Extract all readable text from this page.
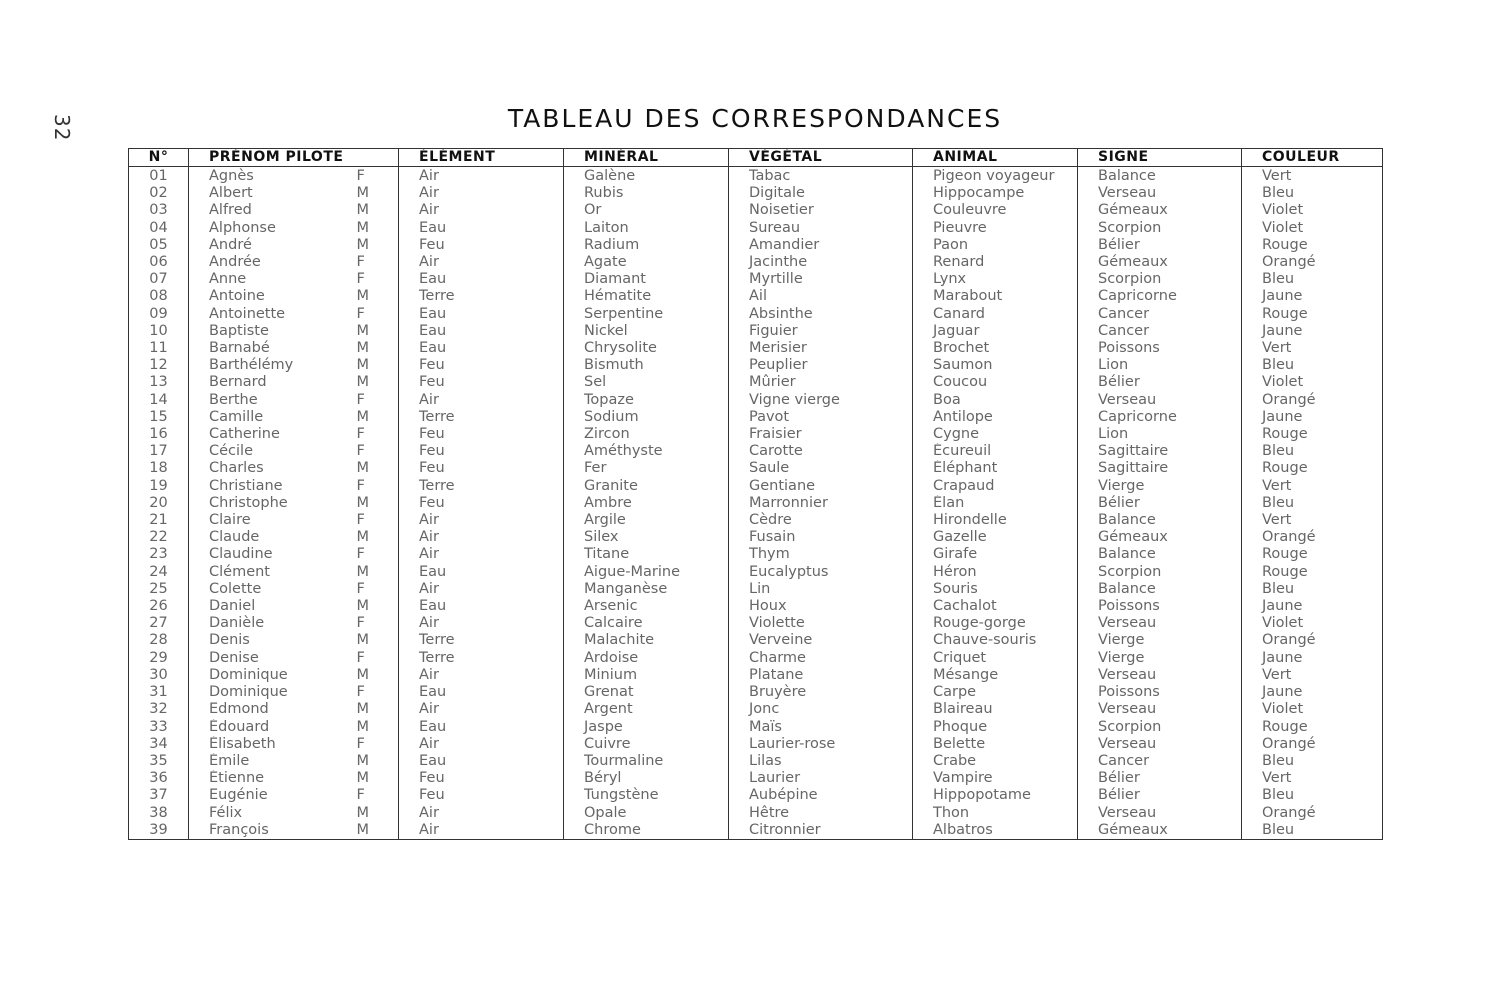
32	TABLEAU DES CORRESPONDANCES
N°	PRÉNOM PILOTE		ÉLÉMENT	MINÉRAL	VÉGÉTAL	ANIMAL	SIGNE	COULEUR
01	Agnès	F	Air	Galène	Tabac	Pigeon voyageur	Balance	Vert
02	Albert	M	Air	Rubis	Digitale	Hippocampe	Verseau	Bleu
03	Alfred	M	Air	Or	Noisetier	Couleuvre	Gémeaux	Violet
04	Alphonse	M	Eau	Laiton	Sureau	Pieuvre	Scorpion	Violet
05	André	M	Feu	Radium	Amandier	Paon	Bélier	Rouge
06	Andrée	F	Air	Agate	Jacinthe	Renard	Gémeaux	Orangé
07	Anne	F	Eau	Diamant	Myrtille	Lynx	Scorpion	Bleu
08	Antoine	M	Terre	Hématite	Ail	Marabout	Capricorne	Jaune
09	Antoinette	F	Eau	Serpentine	Absinthe	Canard	Cancer	Rouge
10	Baptiste	M	Eau	Nickel	Figuier	Jaguar	Cancer	Jaune
11	Barnabé	M	Eau	Chrysolite	Merisier	Brochet	Poissons	Vert
12	Barthélémy	M	Feu	Bismuth	Peuplier	Saumon	Lion	Bleu
13	Bernard	M	Feu	Sel	Mûrier	Coucou	Bélier	Violet
14	Berthe	F	Air	Topaze	Vigne vierge	Boa	Verseau	Orangé
15	Camille	M	Terre	Sodium	Pavot	Antilope	Capricorne	Jaune
16	Catherine	F	Feu	Zircon	Fraisier	Cygne	Lion	Rouge
17	Cécile	F	Feu	Améthyste	Carotte	Écureuil	Sagittaire	Bleu
18	Charles	M	Feu	Fer	Saule	Éléphant	Sagittaire	Rouge
19	Christiane	F	Terre	Granite	Gentiane	Crapaud	Vierge	Vert
20	Christophe	M	Feu	Ambre	Marronnier	Élan	Bélier	Bleu
21	Claire	F	Air	Argile	Cèdre	Hirondelle	Balance	Vert
22	Claude	M	Air	Silex	Fusain	Gazelle	Gémeaux	Orangé
23	Claudine	F	Air	Titane	Thym	Girafe	Balance	Rouge
24	Clément	M	Eau	Aigue-Marine	Eucalyptus	Héron	Scorpion	Rouge
25	Colette	F	Air	Manganèse	Lin	Souris	Balance	Bleu
26	Daniel	M	Eau	Arsenic	Houx	Cachalot	Poissons	Jaune
27	Danièle	F	Air	Calcaire	Violette	Rouge-gorge	Verseau	Violet
28	Denis	M	Terre	Malachite	Verveine	Chauve-souris	Vierge	Orangé
29	Denise	F	Terre	Ardoise	Charme	Criquet	Vierge	Jaune
30	Dominique	M	Air	Minium	Platane	Mésange	Verseau	Vert
31	Dominique	F	Eau	Grenat	Bruyère	Carpe	Poissons	Jaune
32	Edmond	M	Air	Argent	Jonc	Blaireau	Verseau	Violet
33	Édouard	M	Eau	Jaspe	Maïs	Phoque	Scorpion	Rouge
34	Élisabeth	F	Air	Cuivre	Laurier-rose	Belette	Verseau	Orangé
35	Émile	M	Eau	Tourmaline	Lilas	Crabe	Cancer	Bleu
36	Étienne	M	Feu	Béryl	Laurier	Vampire	Bélier	Vert
37	Eugénie	F	Feu	Tungstène	Aubépine	Hippopotame	Bélier	Bleu
38	Félix	M	Air	Opale	Hêtre	Thon	Verseau	Orangé
39	François	M	Air	Chrome	Citronnier	Albatros	Gémeaux	Bleu
